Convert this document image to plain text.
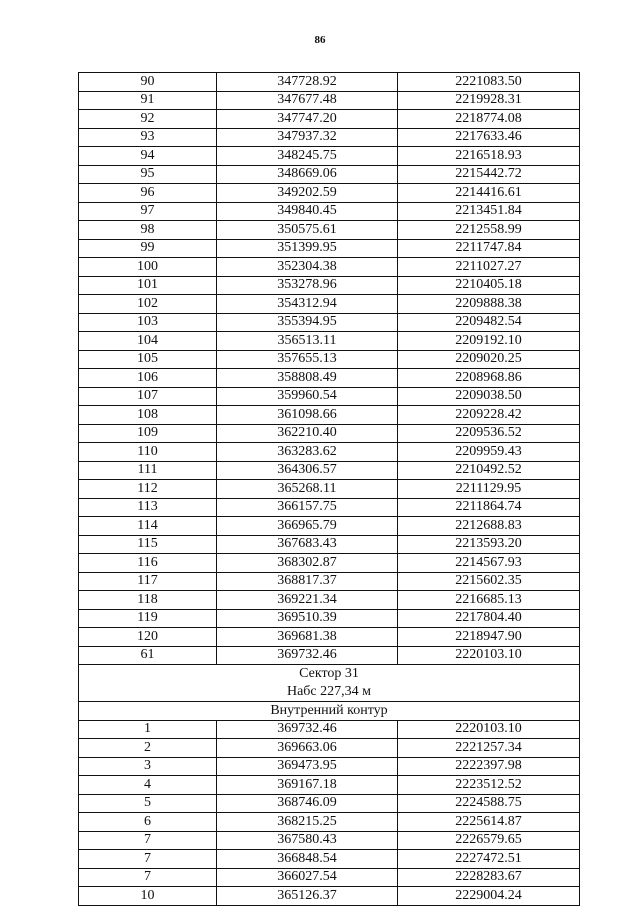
86
90	347728.92	2221083.50
91	347677.48	2219928.31
92	347747.20	2218774.08
93	347937.32	2217633.46
94	348245.75	2216518.93
95	348669.06	2215442.72
96	349202.59	2214416.61
97	349840.45	2213451.84
98	350575.61	2212558.99
99	351399.95	2211747.84
100	352304.38	2211027.27
101	353278.96	2210405.18
102	354312.94	2209888.38
103	355394.95	2209482.54
104	356513.11	2209192.10
105	357655.13	2209020.25
106	358808.49	2208968.86
107	359960.54	2209038.50
108	361098.66	2209228.42
109	362210.40	2209536.52
110	363283.62	2209959.43
111	364306.57	2210492.52
112	365268.11	2211129.95
113	366157.75	2211864.74
114	366965.79	2212688.83
115	367683.43	2213593.20
116	368302.87	2214567.93
117	368817.37	2215602.35
118	369221.34	2216685.13
119	369510.39	2217804.40
120	369681.38	2218947.90
61	369732.46	2220103.10

Сектор 31
Набс 227,34 м		

Внутренний контур		
1	369732.46	2220103.10
2	369663.06	2221257.34
3	369473.95	2222397.98
4	369167.18	2223512.52
5	368746.09	2224588.75
6	368215.25	2225614.87
7	367580.43	2226579.65
7	366848.54	2227472.51
7	366027.54	2228283.67
10	365126.37	2229004.24
